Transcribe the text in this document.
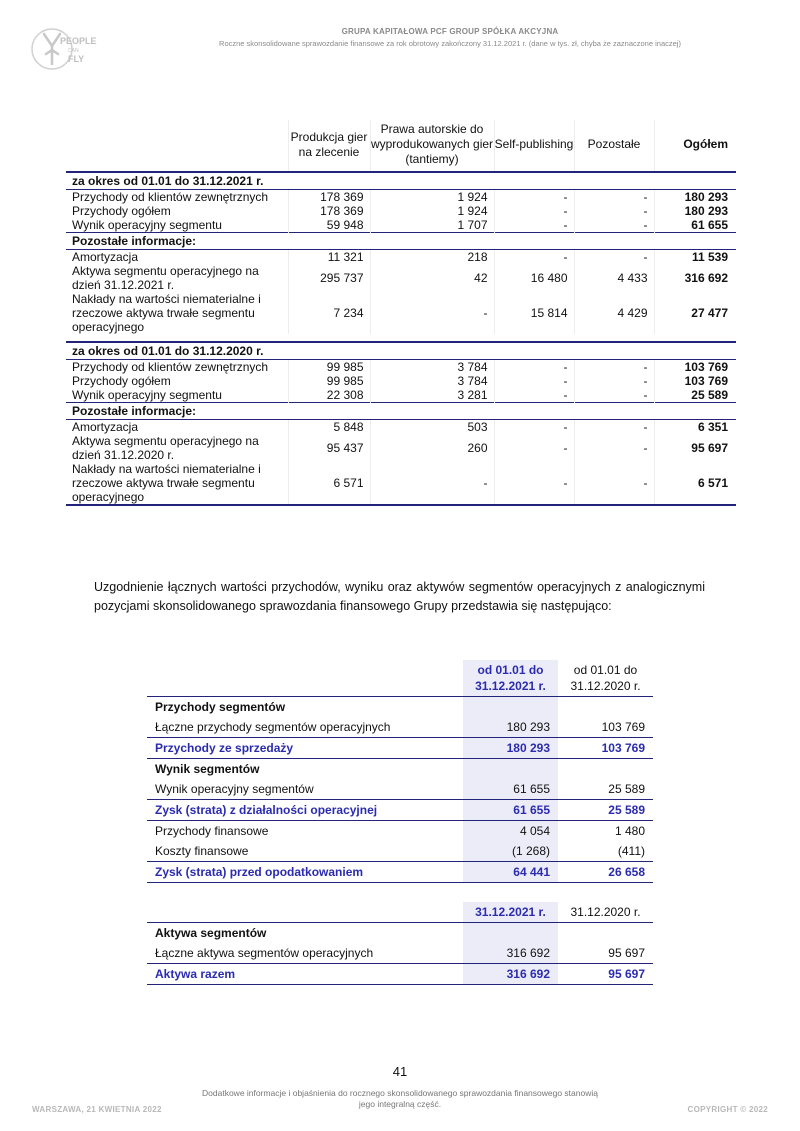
PEOPLE
CAN
FLY
GRUPA KAPITAŁOWA PCF GROUP SPÓŁKA AKCYJNA
Roczne skonsolidowane sprawozdanie finansowe za rok obrotowy zakończony 31.12.2021 r. (dane w tys. zł, chyba że zaznaczone inaczej)
	Produkcja gier na zlecenie	Prawa autorskie do wyprodukowanych gier (tantiemy)	Self-publishing	Pozostałe	Ogółem
za okres od 01.01 do 31.12.2021 r.					
Przychody od klientów zewnętrznych	178 369	1 924	-	-	180 293
Przychody ogółem	178 369	1 924	-	-	180 293
Wynik operacyjny segmentu	59 948	1 707	-	-	61 655
Pozostałe informacje:					
Amortyzacja	11 321	218	-	-	11 539
Aktywa segmentu operacyjnego na dzień 31.12.2021 r.	295 737	42	16 480	4 433	316 692
Nakłady na wartości niematerialne i rzeczowe aktywa trwałe segmentu operacyjnego	7 234	-	15 814	4 429	27 477

za okres od 01.01 do 31.12.2020 r.					
Przychody od klientów zewnętrznych	99 985	3 784	-	-	103 769
Przychody ogółem	99 985	3 784	-	-	103 769
Wynik operacyjny segmentu	22 308	3 281	-	-	25 589
Pozostałe informacje:					
Amortyzacja	5 848	503	-	-	6 351
Aktywa segmentu operacyjnego na dzień 31.12.2020 r.	95 437	260	-	-	95 697
Nakłady na wartości niematerialne i rzeczowe aktywa trwałe segmentu operacyjnego	6 571	-	-	-	6 571

Uzgodnienie łącznych wartości przychodów, wyniku oraz aktywów segmentów operacyjnych z analogicznymi pozycjami skonsolidowanego sprawozdania finansowego Grupy przedstawia się następująco:

	od 01.01 do 31.12.2021 r.	od 01.01 do 31.12.2020 r.
Przychody segmentów		
Łączne przychody segmentów operacyjnych	180 293	103 769
Przychody ze sprzedaży	180 293	103 769
Wynik segmentów		
Wynik operacyjny segmentów	61 655	25 589
Zysk (strata) z działalności operacyjnej	61 655	25 589
Przychody finansowe	4 054	1 480
Koszty finansowe	(1 268)	(411)
Zysk (strata) przed opodatkowaniem	64 441	26 658
	31.12.2021 r.	31.12.2020 r.
Aktywa segmentów		
Łączne aktywa segmentów operacyjnych	316 692	95 697
Aktywa razem	316 692	95 697
41
WARSZAWA, 21 KWIETNIA 2022
Dodatkowe informacje i objaśnienia do rocznego skonsolidowanego sprawozdania finansowego stanowią jego integralną część.
COPYRIGHT © 2022
